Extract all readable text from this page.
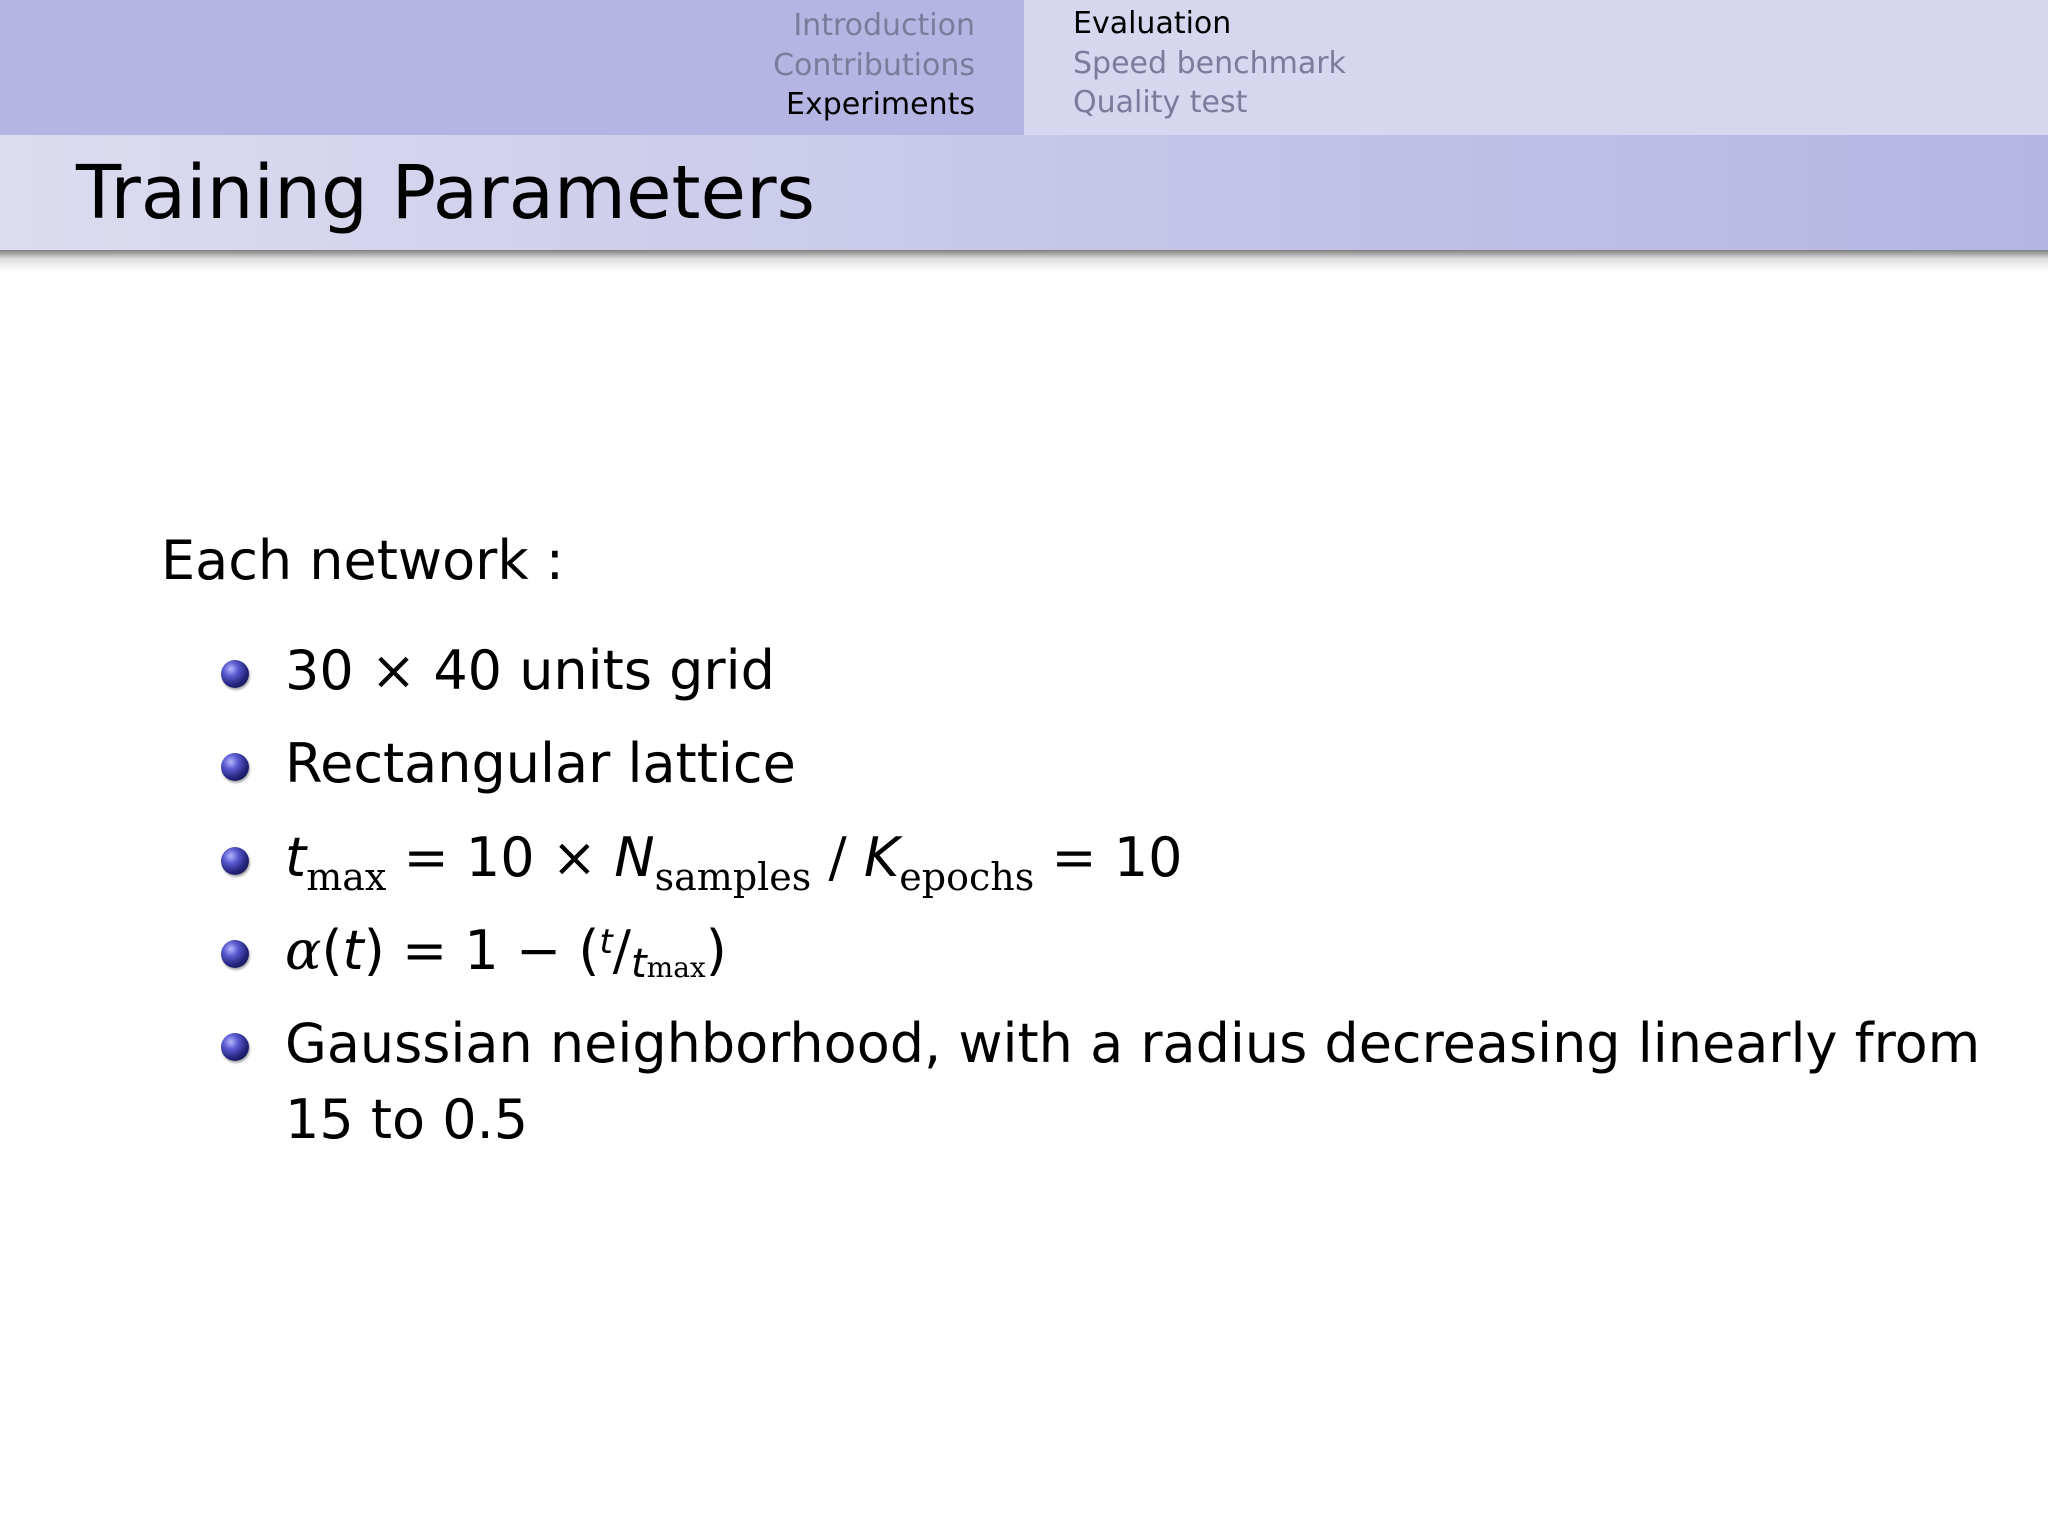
Introduction
Contributions
Experiments
Evaluation
Speed benchmark
Quality test
Training Parameters
Each network :
30 × 40 units grid
Rectangular lattice
$t_{max} = 10 \times N_{samples} / K_{epochs} = 10$
α(t) = 1 − ($^t$/tmax)
Gaussian neighborhood, with a radius decreasing linearly from 15 to 0.5
